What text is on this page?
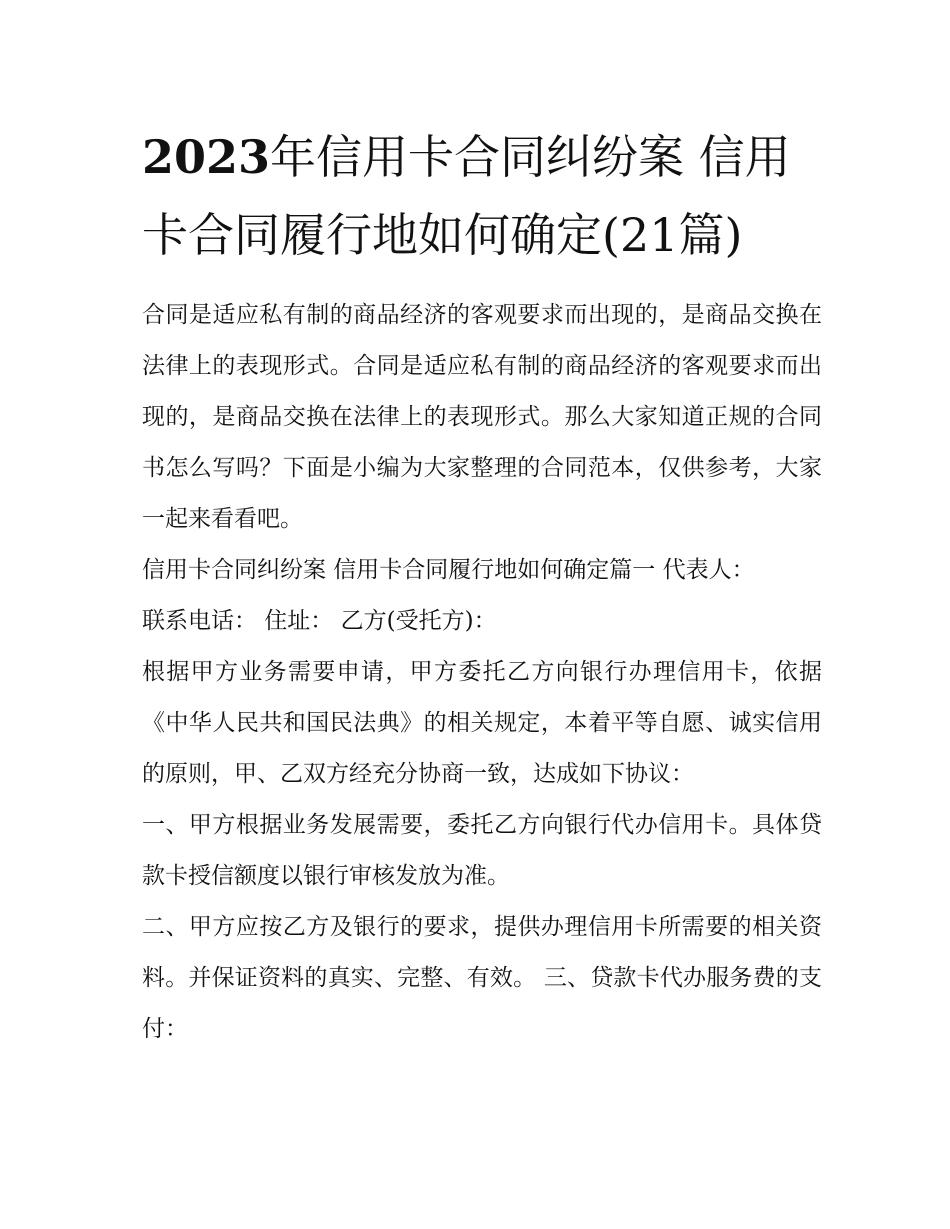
2023年信用卡合同纠纷案 信用卡合同履行地如何确定(21篇)

合同是适应私有制的商品经济的客观要求而出现的，是商品交换在法律上的表现形式。合同是适应私有制的商品经济的客观要求而出现的，是商品交换在法律上的表现形式。那么大家知道正规的合同书怎么写吗？下面是小编为大家整理的合同范本，仅供参考，大家一起来看看吧。

信用卡合同纠纷案 信用卡合同履行地如何确定篇一 代表人：

联系电话： 住址： 乙方(受托方)：

根据甲方业务需要申请，甲方委托乙方向银行办理信用卡，依据《中华人民共和国民法典》的相关规定，本着平等自愿、诚实信用的原则，甲、乙双方经充分协商一致，达成如下协议：

一、甲方根据业务发展需要，委托乙方向银行代办信用卡。具体贷款卡授信额度以银行审核发放为准。

二、甲方应按乙方及银行的要求，提供办理信用卡所需要的相关资料。并保证资料的真实、完整、有效。 三、贷款卡代办服务费的支付：
